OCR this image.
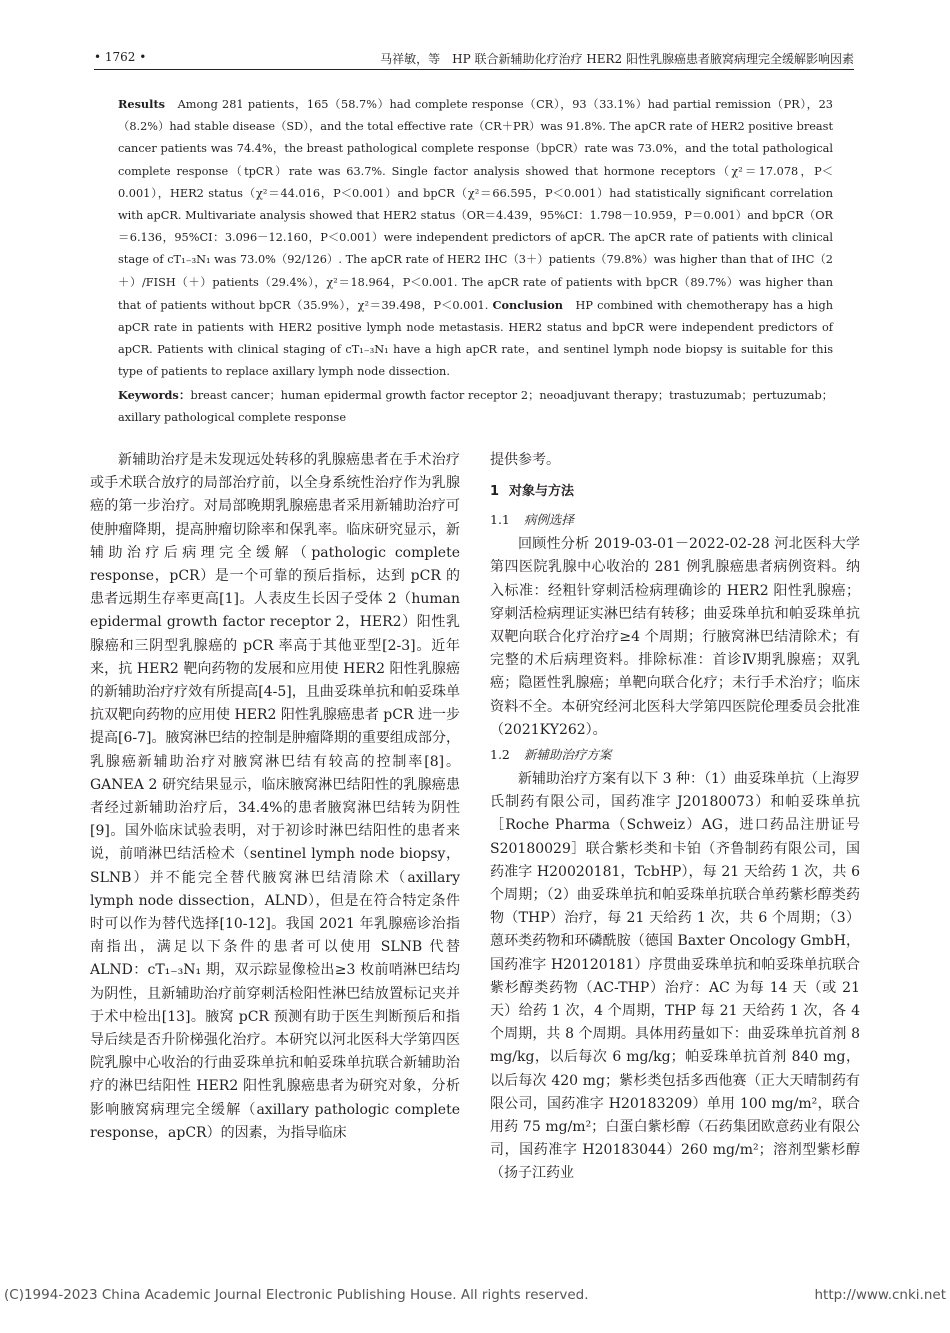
• 1762 •	马祥敏，等　HP 联合新辅助化疗治疗 HER2 阳性乳腺癌患者腋窝病理完全缓解影响因素

Results　Among 281 patients，165（58.7%）had complete response（CR），93（33.1%）had partial remission（PR），23（8.2%）had stable disease（SD），and the total effective rate（CR＋PR）was 91.8%. The apCR rate of HER2 positive breast cancer patients was 74.4%，the breast pathological complete response（bpCR）rate was 73.0%，and the total pathological complete response（tpCR）rate was 63.7%. Single factor analysis showed that hormone receptors（χ²＝17.078，P＜0.001），HER2 status（χ²＝44.016，P＜0.001）and bpCR（χ²＝66.595，P＜0.001）had statistically significant correlation with apCR. Multivariate analysis showed that HER2 status（OR＝4.439，95%CI：1.798－10.959，P＝0.001）and bpCR（OR＝6.136，95%CI：3.096－12.160，P＜0.001）were independent predictors of apCR. The apCR rate of patients with clinical stage of cT₁₋₃N₁ was 73.0%（92/126）. The apCR rate of HER2 IHC（3＋）patients（79.8%）was higher than that of IHC（2＋）/FISH（＋）patients（29.4%），χ²＝18.964，P＜0.001. The apCR rate of patients with bpCR（89.7%）was higher than that of patients without bpCR（35.9%），χ²＝39.498，P＜0.001. Conclusion　HP combined with chemotherapy has a high apCR rate in patients with HER2 positive lymph node metastasis. HER2 status and bpCR were independent predictors of apCR. Patients with clinical staging of cT₁₋₃N₁ have a high apCR rate，and sentinel lymph node biopsy is suitable for this type of patients to replace axillary lymph node dissection.

Keywords：breast cancer；human epidermal growth factor receptor 2；neoadjuvant therapy；trastuzumab；pertuzumab；axillary pathological complete response

新辅助治疗是未发现远处转移的乳腺癌患者在手术治疗或手术联合放疗的局部治疗前，以全身系统性治疗作为乳腺癌的第一步治疗。对局部晚期乳腺癌患者采用新辅助治疗可使肿瘤降期，提高肿瘤切除率和保乳率。临床研究显示，新辅助治疗后病理完全缓解（pathologic complete response，pCR）是一个可靠的预后指标，达到 pCR 的患者远期生存率更高[1]。人表皮生长因子受体 2（human epidermal growth factor receptor 2，HER2）阳性乳腺癌和三阴型乳腺癌的 pCR 率高于其他亚型[2-3]。近年来，抗 HER2 靶向药物的发展和应用使 HER2 阳性乳腺癌的新辅助治疗疗效有所提高[4-5]，且曲妥珠单抗和帕妥珠单抗双靶向药物的应用使 HER2 阳性乳腺癌患者 pCR 进一步提高[6-7]。腋窝淋巴结的控制是肿瘤降期的重要组成部分，乳腺癌新辅助治疗对腋窝淋巴结有较高的控制率[8]。GANEA 2 研究结果显示，临床腋窝淋巴结阳性的乳腺癌患者经过新辅助治疗后，34.4%的患者腋窝淋巴结转为阴性[9]。国外临床试验表明，对于初诊时淋巴结阳性的患者来说，前哨淋巴结活检术（sentinel lymph node biopsy，SLNB）并不能完全替代腋窝淋巴结清除术（axillary lymph node dissection，ALND），但是在符合特定条件时可以作为替代选择[10-12]。我国 2021 年乳腺癌诊治指南指出，满足以下条件的患者可以使用 SLNB 代替 ALND：cT₁₋₃N₁ 期，双示踪显像检出≥3 枚前哨淋巴结均为阴性，且新辅助治疗前穿刺活检阳性淋巴结放置标记夹并于术中检出[13]。腋窝 pCR 预测有助于医生判断预后和指导后续是否升阶梯强化治疗。本研究以河北医科大学第四医院乳腺中心收治的行曲妥珠单抗和帕妥珠单抗联合新辅助治疗的淋巴结阳性 HER2 阳性乳腺癌患者为研究对象，分析影响腋窝病理完全缓解（axillary pathologic complete response，apCR）的因素，为指导临床

提供参考。

1 对象与方法
1.1 病例选择

回顾性分析 2019-03-01－2022-02-28 河北医科大学第四医院乳腺中心收治的 281 例乳腺癌患者病例资料。纳入标准：经粗针穿刺活检病理确诊的 HER2 阳性乳腺癌；穿刺活检病理证实淋巴结有转移；曲妥珠单抗和帕妥珠单抗双靶向联合化疗治疗≥4 个周期；行腋窝淋巴结清除术；有完整的术后病理资料。排除标准：首诊Ⅳ期乳腺癌；双乳癌；隐匿性乳腺癌；单靶向联合化疗；未行手术治疗；临床资料不全。本研究经河北医科大学第四医院伦理委员会批准（2021KY262）。

1.2 新辅助治疗方案

新辅助治疗方案有以下 3 种：（1）曲妥珠单抗（上海罗氏制药有限公司，国药准字 J20180073）和帕妥珠单抗［Roche Pharma（Schweiz）AG，进口药品注册证号 S20180029］联合紫杉类和卡铂（齐鲁制药有限公司，国药准字 H20020181，TcbHP），每 21 天给药 1 次，共 6 个周期；（2）曲妥珠单抗和帕妥珠单抗联合单药紫杉醇类药物（THP）治疗，每 21 天给药 1 次，共 6 个周期；（3）蒽环类药物和环磷酰胺（德国 Baxter Oncology GmbH，国药准字 H20120181）序贯曲妥珠单抗和帕妥珠单抗联合紫杉醇类药物（AC-THP）治疗：AC 为每 14 天（或 21 天）给药 1 次，4 个周期，THP 每 21 天给药 1 次，各 4 个周期，共 8 个周期。具体用药量如下：曲妥珠单抗首剂 8 mg/kg，以后每次 6 mg/kg；帕妥珠单抗首剂 840 mg，以后每次 420 mg；紫杉类包括多西他赛（正大天晴制药有限公司，国药准字 H20183209）单用 100 mg/m²，联合用药 75 mg/m²；白蛋白紫杉醇（石药集团欧意药业有限公司，国药准字 H20183044）260 mg/m²；溶剂型紫杉醇（扬子江药业

(C)1994-2023 China Academic Journal Electronic Publishing House. All rights reserved.	http://www.cnki.net
